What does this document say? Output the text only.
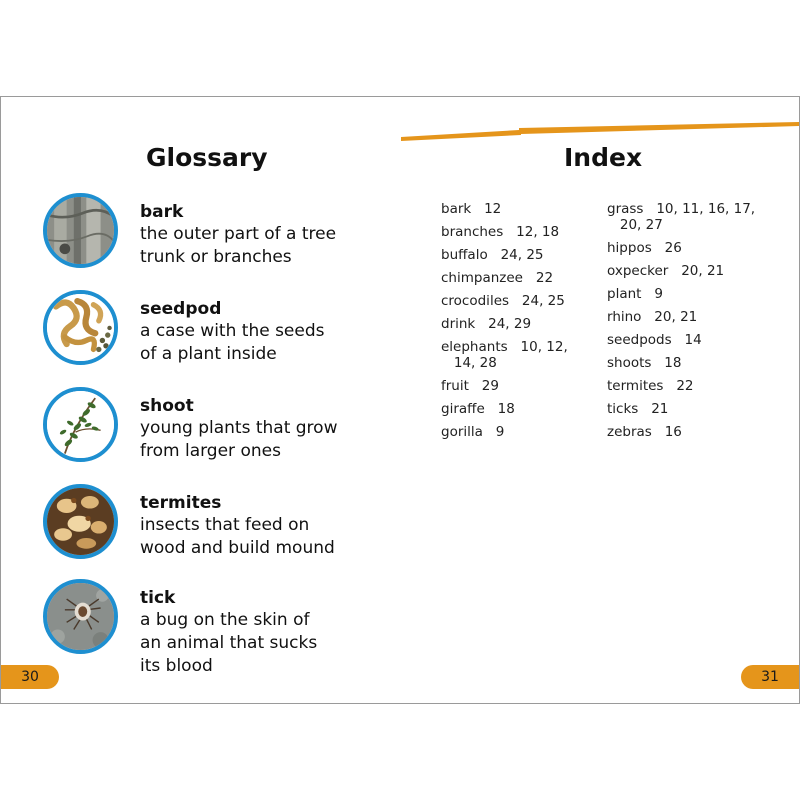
Glossary
bark
the outer part of a tree
trunk or branches
seedpod
a case with the seeds
of a plant inside
shoot
young plants that grow
from larger ones
termites
insects that feed on
wood and build mound
tick
a bug on the skin of
an animal that sucks
its blood
30
Index
bark   12
branches   12, 18
buffalo   24, 25
chimpanzee   22
crocodiles   24, 25
drink   24, 29
elephants   10, 12,
14, 28
fruit   29
giraffe   18
gorilla   9
grass   10, 11, 16, 17,
20, 27
hippos   26
oxpecker   20, 21
plant   9
rhino   20, 21
seedpods   14
shoots   18
termites   22
ticks   21
zebras   16
31
